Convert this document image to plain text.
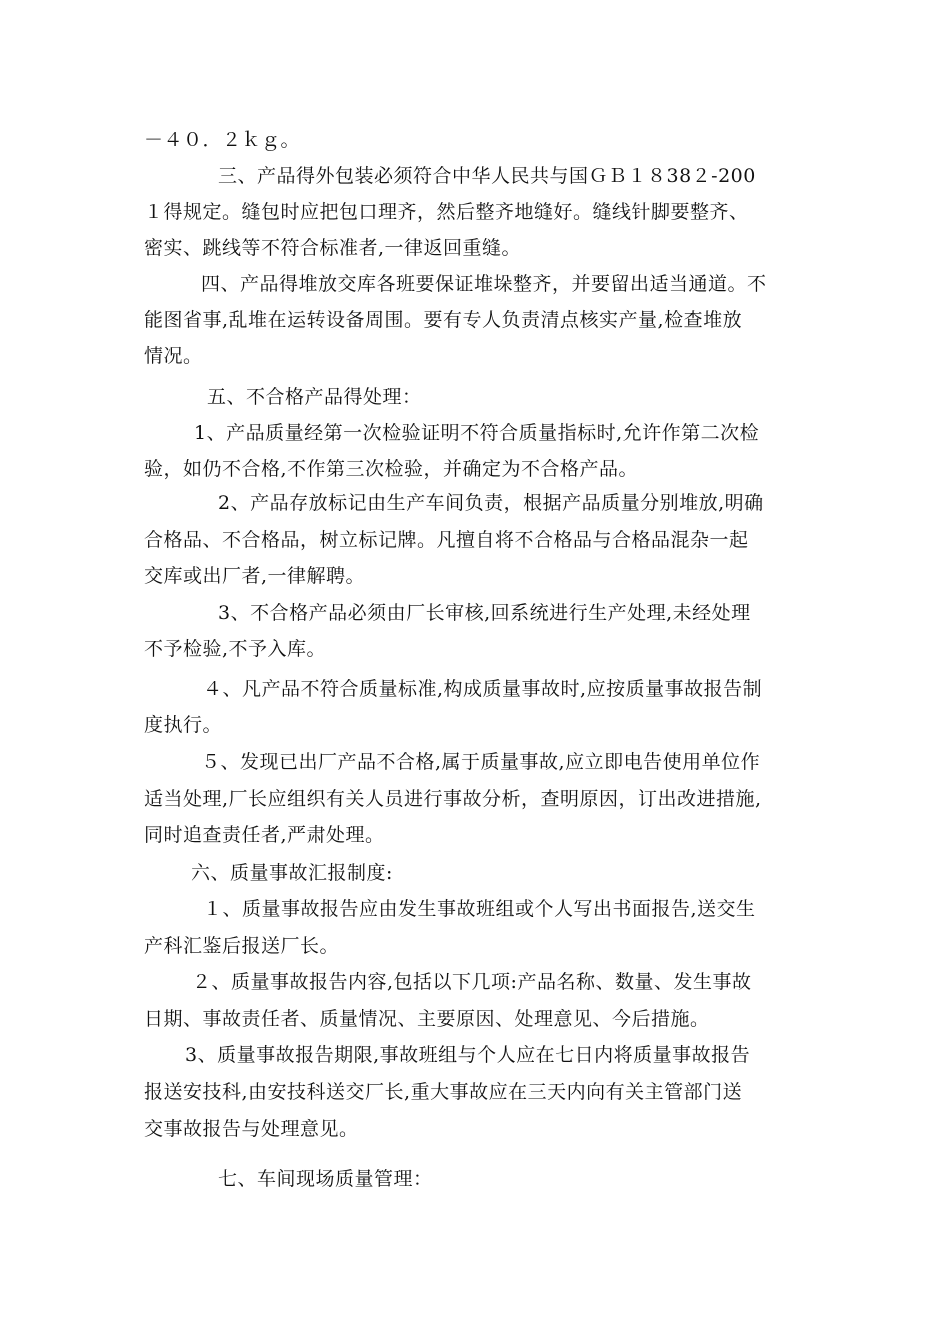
－４０．２ｋｇ。
三、产品得外包装必须符合中华人民共与国ＧＢ１８38２-200
１得规定。缝包时应把包口理齐，然后整齐地缝好。缝线针脚要整齐、
密实、跳线等不符合标准者,一律返回重缝。
四、产品得堆放交库各班要保证堆垛整齐，并要留出适当通道。不
能图省事,乱堆在运转设备周围。要有专人负责清点核实产量,检查堆放
情况。
五、不合格产品得处理：
1、产品质量经第一次检验证明不符合质量指标时,允许作第二次检
验，如仍不合格,不作第三次检验，并确定为不合格产品。
2、产品存放标记由生产车间负责，根据产品质量分别堆放,明确
合格品、不合格品，树立标记牌。凡擅自将不合格品与合格品混杂一起
交库或出厂者,一律解聘。
3、不合格产品必须由厂长审核,回系统进行生产处理,未经处理
不予检验,不予入库。
４、凡产品不符合质量标准,构成质量事故时,应按质量事故报告制
度执行。
５、发现已出厂产品不合格,属于质量事故,应立即电告使用单位作
适当处理,厂长应组织有关人员进行事故分析，查明原因，订出改进措施,
同时追查责任者,严肃处理。
六、质量事故汇报制度:
１、质量事故报告应由发生事故班组或个人写出书面报告,送交生
产科汇鉴后报送厂长。
２、质量事故报告内容,包括以下几项:产品名称、数量、发生事故
日期、事故责任者、质量情况、主要原因、处理意见、今后措施。
3、质量事故报告期限,事故班组与个人应在七日内将质量事故报告
报送安技科,由安技科送交厂长,重大事故应在三天内向有关主管部门送
交事故报告与处理意见。
七、车间现场质量管理：
